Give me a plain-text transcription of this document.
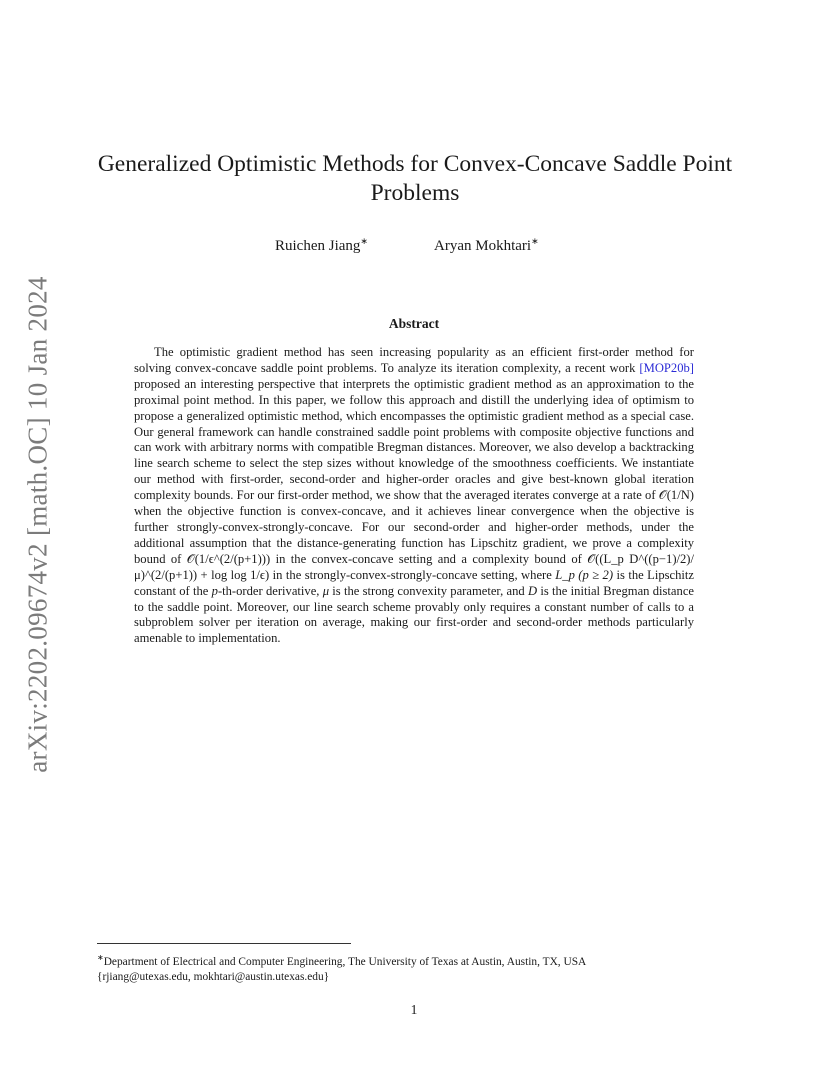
arXiv:2202.09674v2 [math.OC] 10 Jan 2024
Generalized Optimistic Methods for Convex-Concave Saddle Point
Problems
Ruichen Jiang∗	Aryan Mokhtari∗
Abstract
The optimistic gradient method has seen increasing popularity as an efficient first-order method for solving convex-concave saddle point problems. To analyze its iteration complexity, a recent work [MOP20b] proposed an interesting perspective that interprets the optimistic gradient method as an approximation to the proximal point method. In this paper, we follow this approach and distill the underlying idea of optimism to propose a generalized optimistic method, which encompasses the optimistic gradient method as a special case. Our general framework can handle constrained saddle point problems with composite objective functions and can work with arbitrary norms with compatible Bregman distances. Moreover, we also develop a backtracking line search scheme to select the step sizes without knowledge of the smoothness coefficients. We instantiate our method with first-order, second-order and higher-order oracles and give best-known global iteration complexity bounds. For our first-order method, we show that the averaged iterates converge at a rate of 𝒪(1/N) when the objective function is convex-concave, and it achieves linear convergence when the objective is further strongly-convex-strongly-concave. For our second-order and higher-order methods, under the additional assumption that the distance-generating function has Lipschitz gradient, we prove a complexity bound of 𝒪(1/ϵ^(2/(p+1))) in the convex-concave setting and a complexity bound of 𝒪((L_p D^((p−1)/2)/μ)^(2/(p+1)) + log log 1/ϵ) in the strongly-convex-strongly-concave setting, where L_p (p ≥ 2) is the Lipschitz constant of the p-th-order derivative, μ is the strong convexity parameter, and D is the initial Bregman distance to the saddle point. Moreover, our line search scheme provably only requires a constant number of calls to a subproblem solver per iteration on average, making our first-order and second-order methods particularly amenable to implementation.
∗Department of Electrical and Computer Engineering, The University of Texas at Austin, Austin, TX, USA
{rjiang@utexas.edu, mokhtari@austin.utexas.edu}
1
